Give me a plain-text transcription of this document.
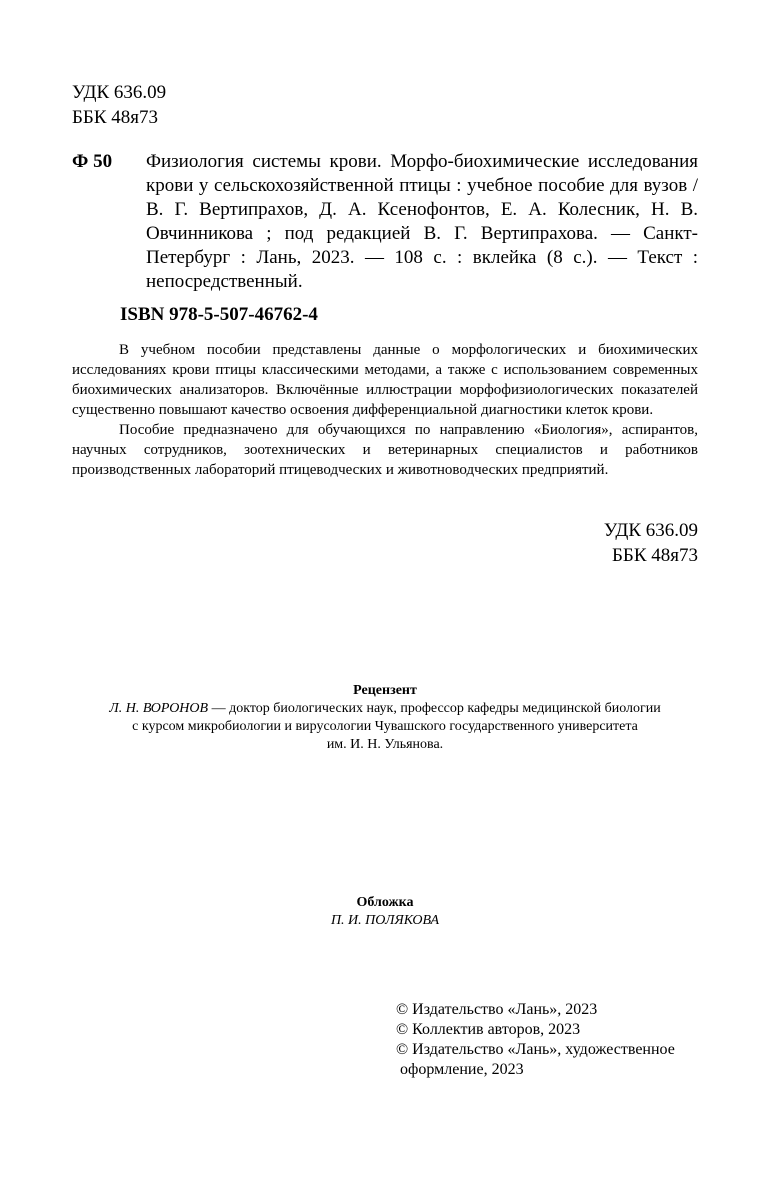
УДК 636.09
ББК 48я73
Ф 50 Физиология системы крови. Морфо-биохимические исследования крови у сельскохозяйственной птицы : учебное пособие для вузов / В. Г. Вертипрахов, Д. А. Ксенофонтов, Е. А. Колесник, Н. В. Овчинникова ; под редакцией В. Г. Вертипрахова. — Санкт-Петербург : Лань, 2023. — 108 с. : вклейка (8 с.). — Текст : непосредственный.
ISBN 978-5-507-46762-4

В учебном пособии представлены данные о морфологических и биохимических исследованиях крови птицы классическими методами, а также с использованием современных биохимических анализаторов. Включённые иллюстрации морфофизиологических показателей существенно повышают качество освоения дифференциальной диагностики клеток крови.

Пособие предназначено для обучающихся по направлению «Биология», аспирантов, научных сотрудников, зоотехнических и ветеринарных специалистов и работников производственных лабораторий птицеводческих и животноводческих предприятий.

УДК 636.09
ББК 48я73
Рецензент
Л. Н. ВОРОНОВ — доктор биологических наук, профессор кафедры медицинской биологии
с курсом микробиологии и вирусологии Чувашского государственного университета
им. И. Н. Ульянова.
Обложка
П. И. ПОЛЯКОВА
© Издательство «Лань», 2023
© Коллектив авторов, 2023
© Издательство «Лань», художественное
оформление, 2023
